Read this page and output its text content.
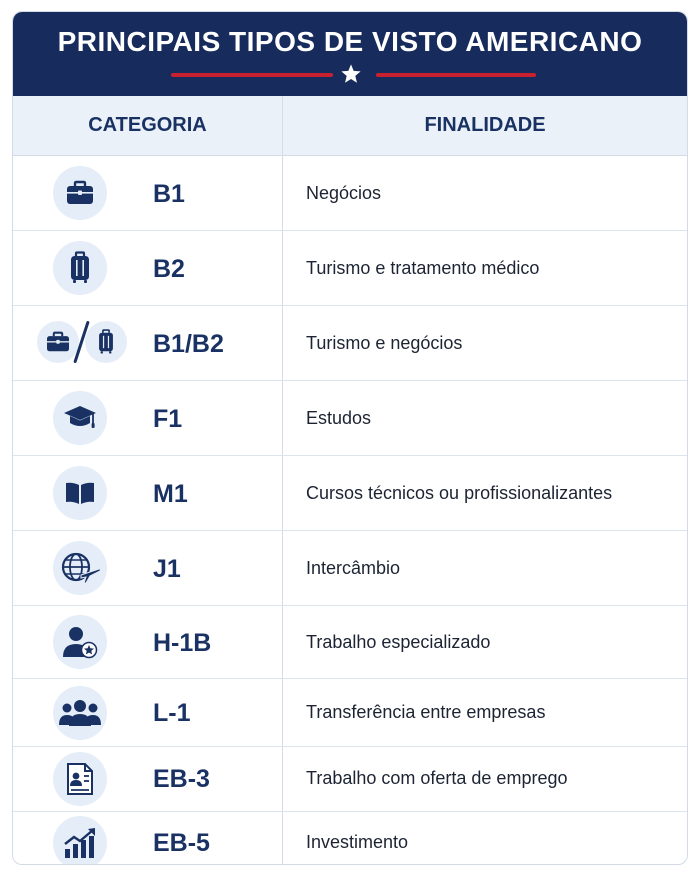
PRINCIPAIS TIPOS DE VISTO AMERICANO
CATEGORIA	FINALIDADE
B1	Negócios
B2	Turismo e tratamento médico
B1/B2	Turismo e negócios
F1	Estudos
M1	Cursos técnicos ou profissionalizantes
J1	Intercâmbio
H-1B	Trabalho especializado
L-1	Transferência entre empresas
EB-3	Trabalho com oferta de emprego
EB-5	Investimento
